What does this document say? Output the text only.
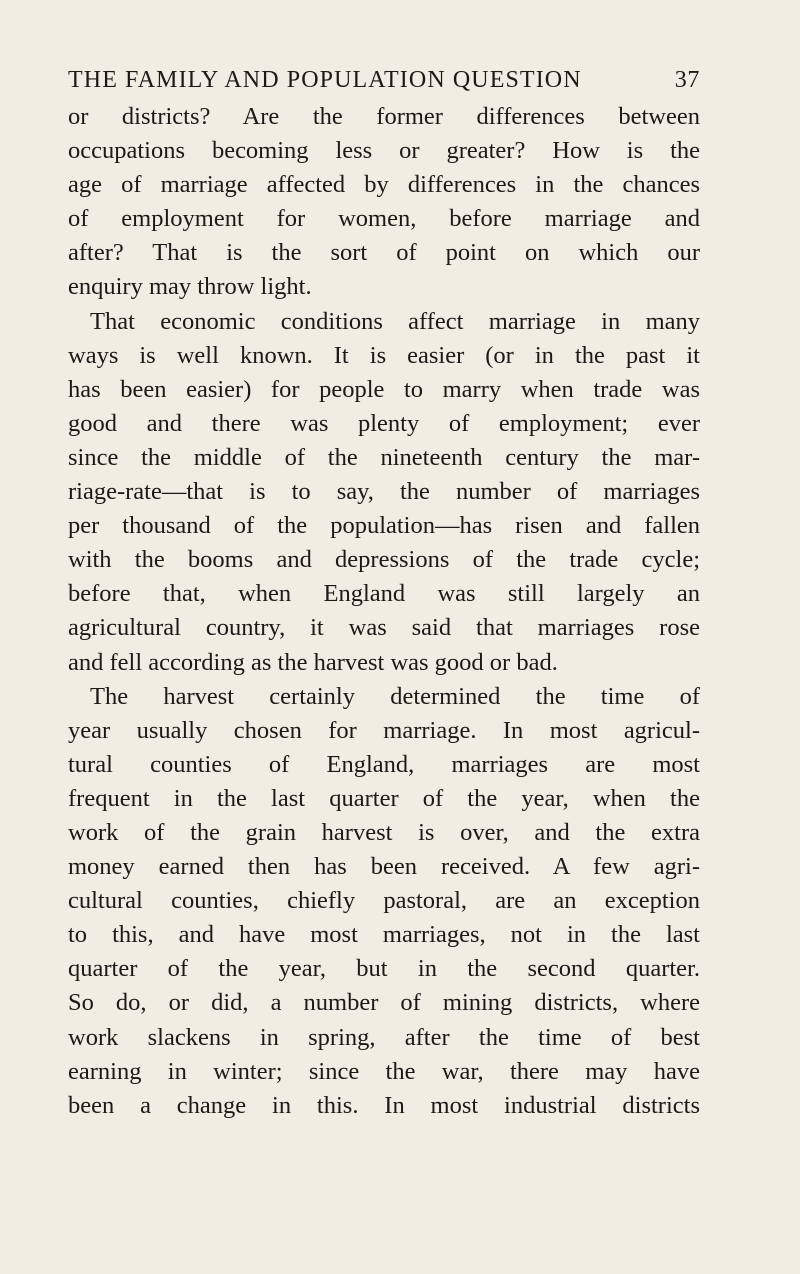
THE FAMILY AND POPULATION QUESTION	37
or districts? Are the former differences between
occupations becoming less or greater? How is the
age of marriage affected by differences in the chances
of employment for women, before marriage and
after? That is the sort of point on which our
enquiry may throw light.
That economic conditions affect marriage in many
ways is well known. It is easier (or in the past it
has been easier) for people to marry when trade was
good and there was plenty of employment; ever
since the middle of the nineteenth century the mar-
riage-rate—that is to say, the number of marriages
per thousand of the population—has risen and fallen
with the booms and depressions of the trade cycle;
before that, when England was still largely an
agricultural country, it was said that marriages rose
and fell according as the harvest was good or bad.
The harvest certainly determined the time of
year usually chosen for marriage. In most agricul-
tural counties of England, marriages are most
frequent in the last quarter of the year, when the
work of the grain harvest is over, and the extra
money earned then has been received. A few agri-
cultural counties, chiefly pastoral, are an exception
to this, and have most marriages, not in the last
quarter of the year, but in the second quarter.
So do, or did, a number of mining districts, where
work slackens in spring, after the time of best
earning in winter; since the war, there may have
been a change in this. In most industrial districts
